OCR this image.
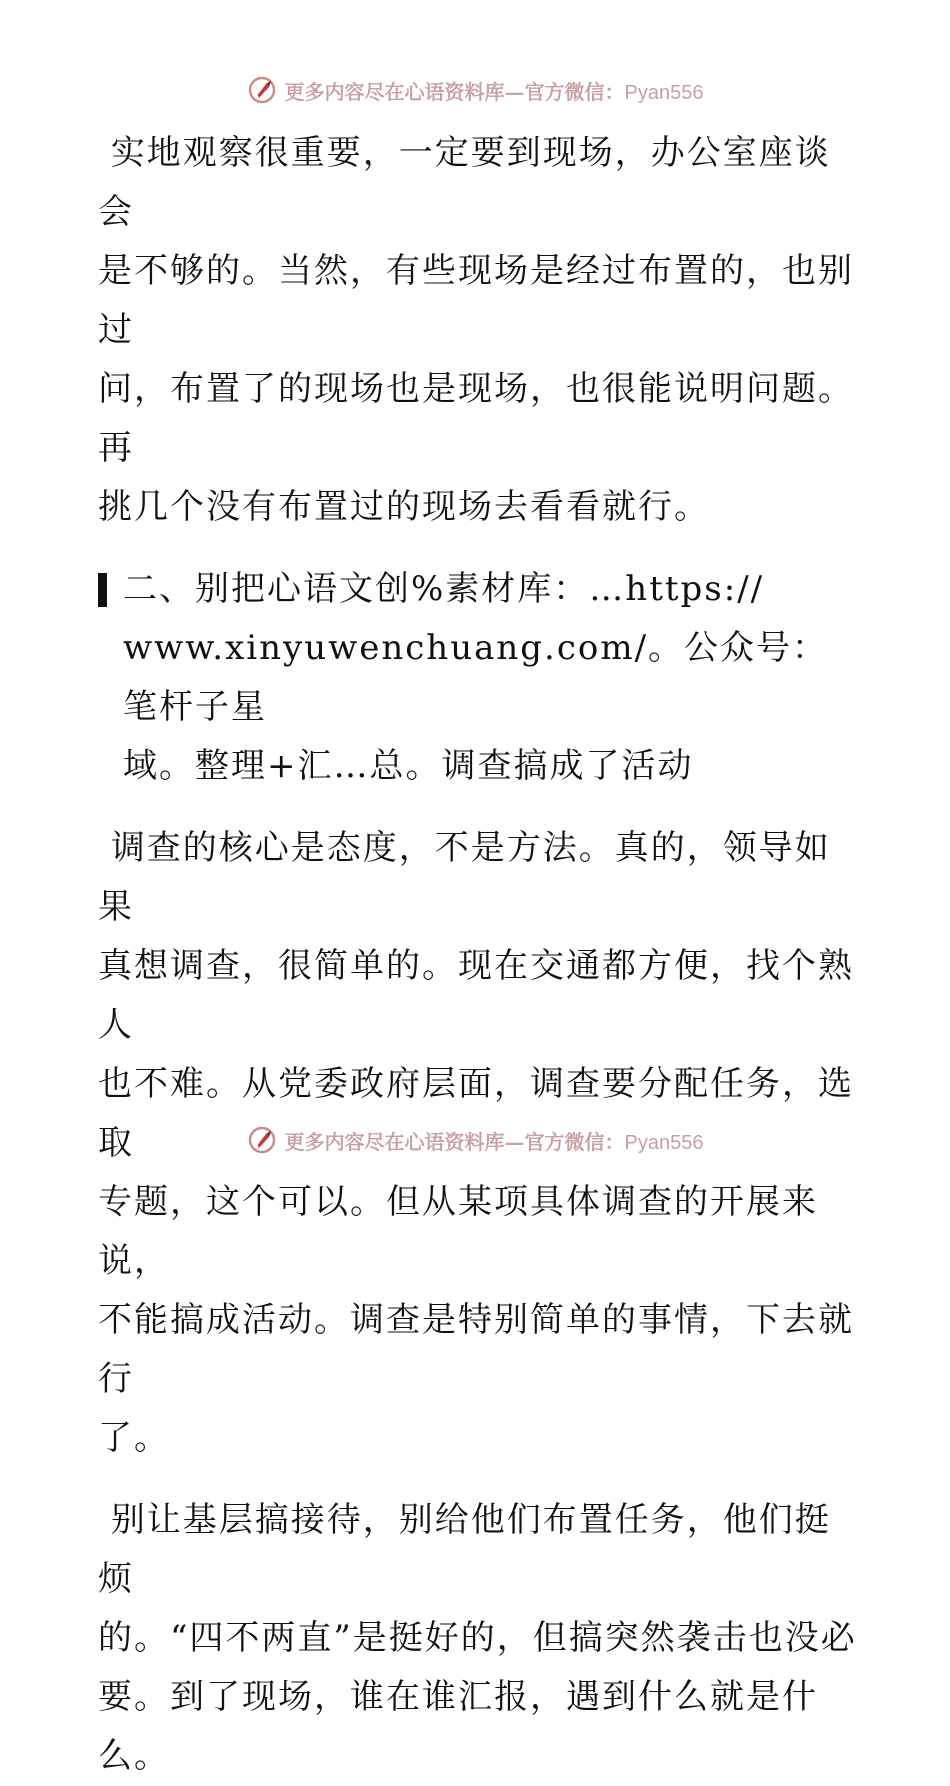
更多内容尽在心语资料库—官方微信：Pyan556

实地观察很重要，一定要到现场，办公室座谈会
是不够的。当然，有些现场是经过布置的，也别过
问，布置了的现场也是现场，也很能说明问题。再
挑几个没有布置过的现场去看看就行。

二、别把心语文创%素材库：…https://
www.xinyuwenchuang.com/。公众号：笔杆子星
域。整理+汇…总。调查搞成了活动

调查的核心是态度，不是方法。真的，领导如果
真想调查，很简单的。现在交通都方便，找个熟人
也不难。从党委政府层面，调查要分配任务，选取
专题，这个可以。但从某项具体调查的开展来说，
不能搞成活动。调查是特别简单的事情，下去就行
了。

别让基层搞接待，别给他们布置任务，他们挺烦
的。“四不两直”是挺好的，但搞突然袭击也没必
要。到了现场，谁在谁汇报，遇到什么就是什么。

更多内容尽在心语资料库—官方微信：Pyan556
